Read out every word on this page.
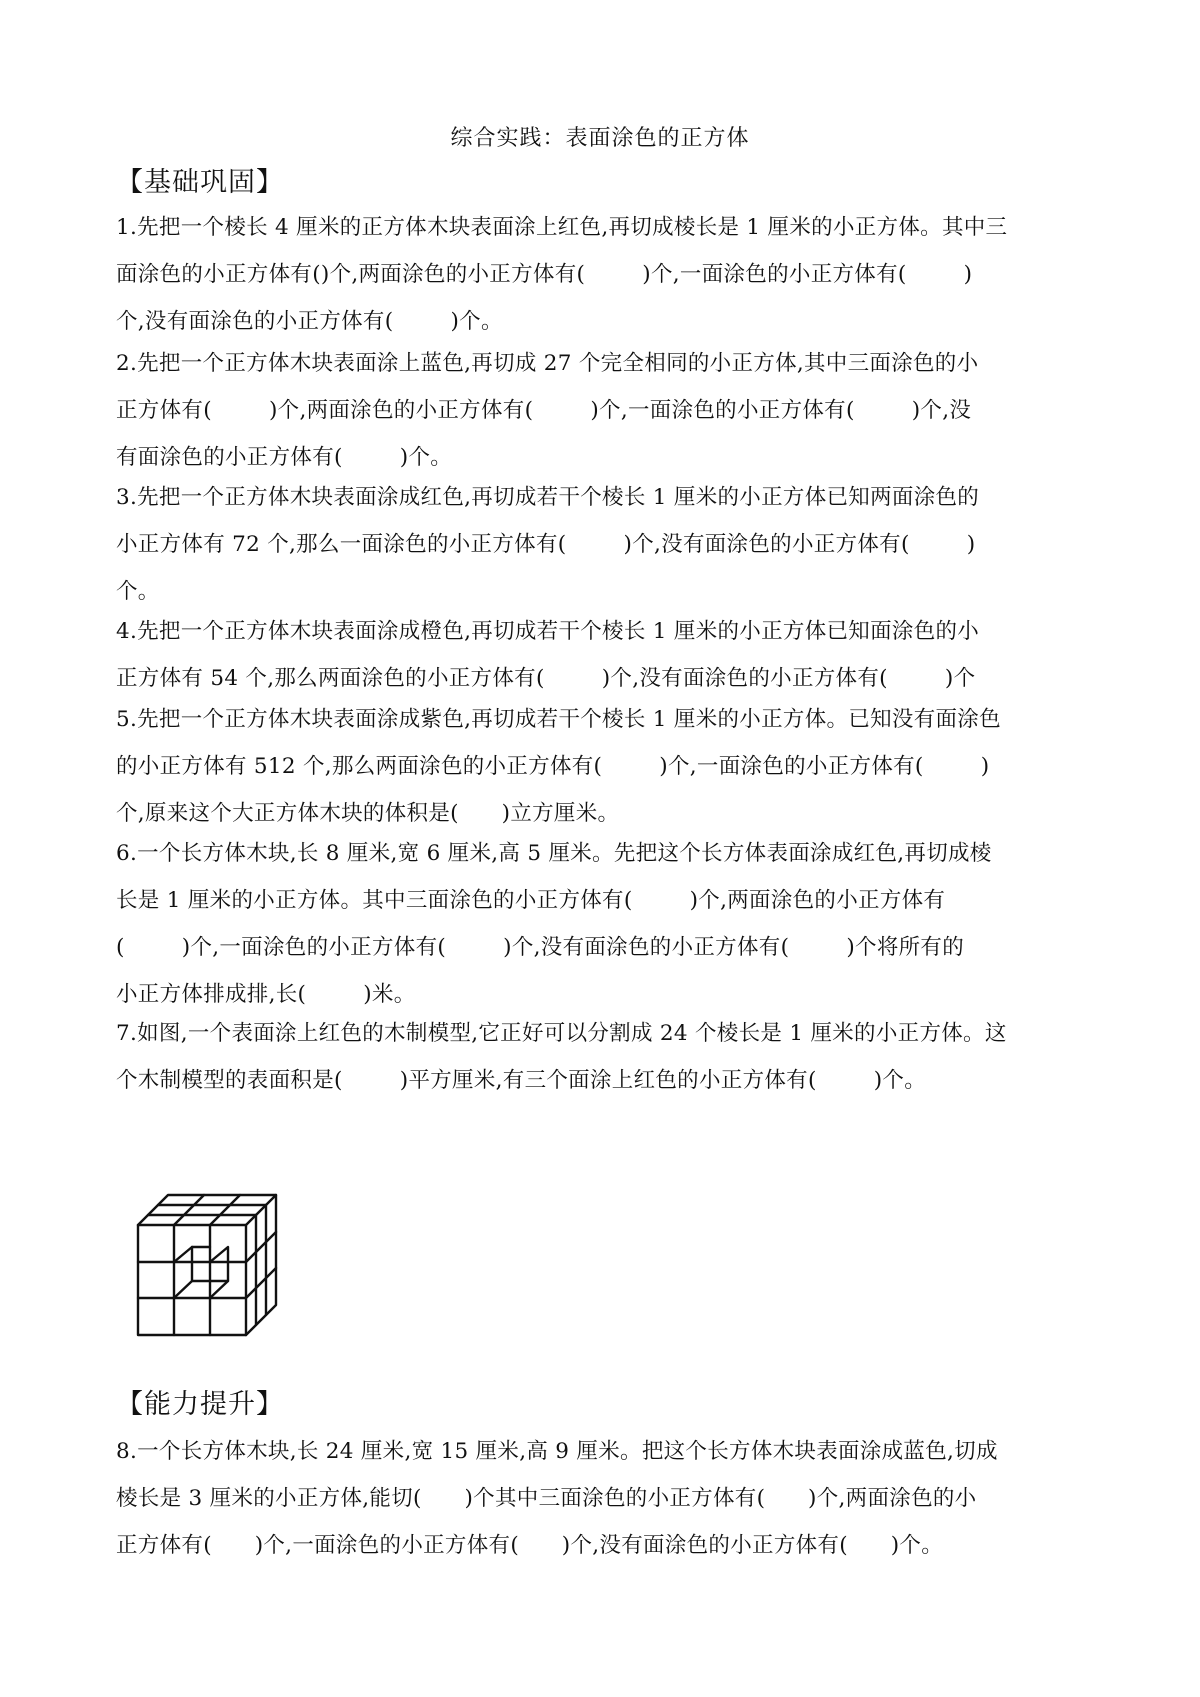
综合实践：表面涂色的正方体
【基础巩固】
1.先把一个棱长 4 厘米的正方体木块表面涂上红色,再切成棱长是 1 厘米的小正方体。其中三
面涂色的小正方体有()个,两面涂色的小正方体有(        )个,一面涂色的小正方体有(        )
个,没有面涂色的小正方体有(        )个。
2.先把一个正方体木块表面涂上蓝色,再切成 27 个完全相同的小正方体,其中三面涂色的小
正方体有(        )个,两面涂色的小正方体有(        )个,一面涂色的小正方体有(        )个,没
有面涂色的小正方体有(        )个。
3.先把一个正方体木块表面涂成红色,再切成若干个棱长 1 厘米的小正方体已知两面涂色的
小正方体有 72 个,那么一面涂色的小正方体有(        )个,没有面涂色的小正方体有(        )
个。
4.先把一个正方体木块表面涂成橙色,再切成若干个棱长 1 厘米的小正方体已知面涂色的小
正方体有 54 个,那么两面涂色的小正方体有(        )个,没有面涂色的小正方体有(        )个
5.先把一个正方体木块表面涂成紫色,再切成若干个棱长 1 厘米的小正方体。已知没有面涂色
的小正方体有 512 个,那么两面涂色的小正方体有(        )个,一面涂色的小正方体有(        )
个,原来这个大正方体木块的体积是(      )立方厘米。
6.一个长方体木块,长 8 厘米,宽 6 厘米,高 5 厘米。先把这个长方体表面涂成红色,再切成棱
长是 1 厘米的小正方体。其中三面涂色的小正方体有(        )个,两面涂色的小正方体有
(        )个,一面涂色的小正方体有(        )个,没有面涂色的小正方体有(        )个将所有的
小正方体排成排,长(        )米。
7.如图,一个表面涂上红色的木制模型,它正好可以分割成 24 个棱长是 1 厘米的小正方体。这
个木制模型的表面积是(        )平方厘米,有三个面涂上红色的小正方体有(        )个。
【能力提升】
8.一个长方体木块,长 24 厘米,宽 15 厘米,高 9 厘米。把这个长方体木块表面涂成蓝色,切成
棱长是 3 厘米的小正方体,能切(      )个其中三面涂色的小正方体有(      )个,两面涂色的小
正方体有(      )个,一面涂色的小正方体有(      )个,没有面涂色的小正方体有(      )个。
